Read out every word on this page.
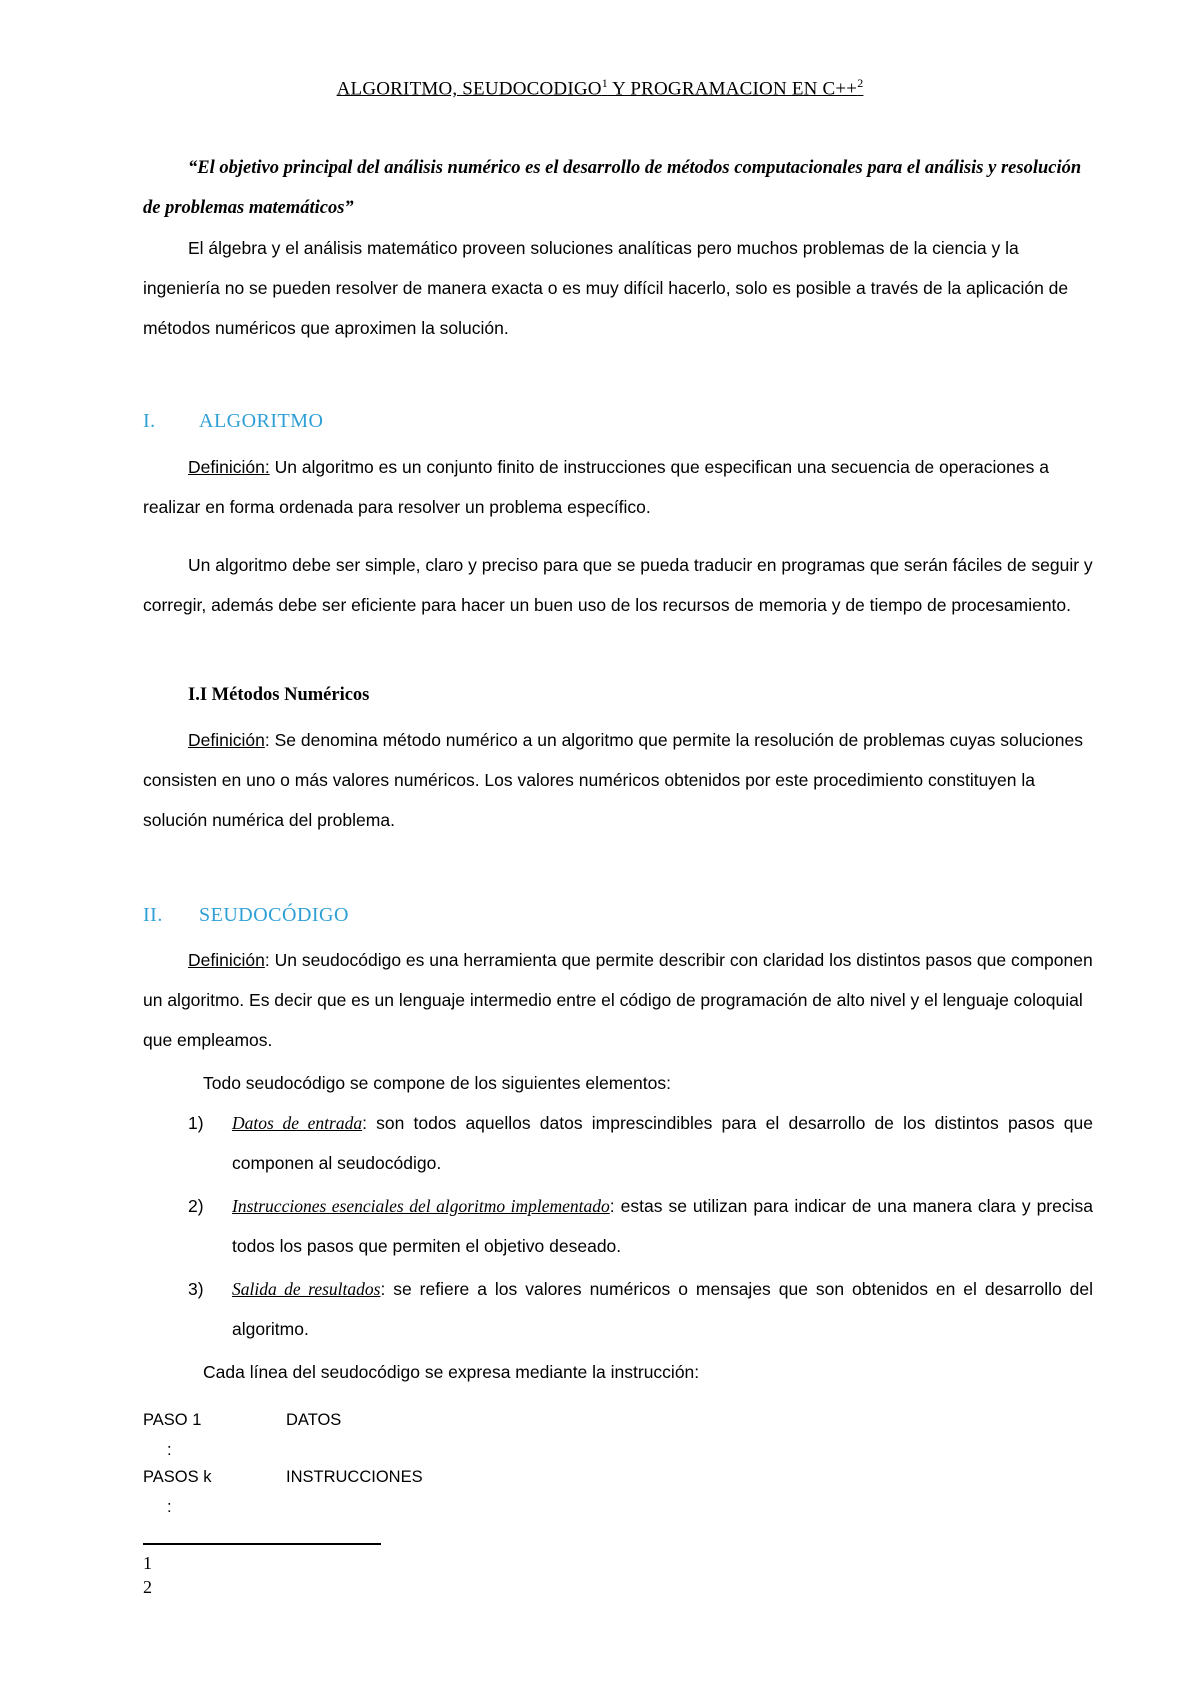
ALGORITMO, SEUDOCODIGO$^1$ Y PROGRAMACION EN C++$^2$
“El objetivo principal del análisis numérico es el desarrollo de métodos computacionales para el análisis y resolución de problemas matemáticos”
El álgebra y el análisis matemático proveen soluciones analíticas pero muchos problemas de la ciencia y la ingeniería no se pueden resolver de manera exacta o es muy difícil hacerlo, solo es posible a través de la aplicación de métodos numéricos que aproximen la solución.
I. ALGORITMO
Definición: Un algoritmo es un conjunto finito de instrucciones que especifican una secuencia de operaciones a realizar en forma ordenada para resolver un problema específico.
Un algoritmo debe ser simple, claro y preciso para que se pueda traducir en programas que serán fáciles de seguir y corregir, además debe ser eficiente para hacer un buen uso de los recursos de memoria y de tiempo de procesamiento.
I.I Métodos Numéricos
Definición: Se denomina método numérico a un algoritmo que permite la resolución de problemas cuyas soluciones consisten en uno o más valores numéricos. Los valores numéricos obtenidos por este procedimiento constituyen la solución numérica del problema.
II. SEUDOCÓDIGO
Definición: Un seudocódigo es una herramienta que permite describir con claridad los distintos pasos que componen un algoritmo. Es decir que es un lenguaje intermedio entre el código de programación de alto nivel y el lenguaje coloquial que empleamos.
Todo seudocódigo se compone de los siguientes elementos:
1) Datos de entrada: son todos aquellos datos imprescindibles para el desarrollo de los distintos pasos que componen al seudocódigo.
2) Instrucciones esenciales del algoritmo implementado: estas se utilizan para indicar de una manera clara y precisa todos los pasos que permiten el objetivo deseado.
3) Salida de resultados: se refiere a los valores numéricos o mensajes que son obtenidos en el desarrollo del algoritmo.
Cada línea del seudocódigo se expresa mediante la instrucción:
PASO 1	DATOS
:
PASOS k	INSTRUCCIONES
:
1
2
